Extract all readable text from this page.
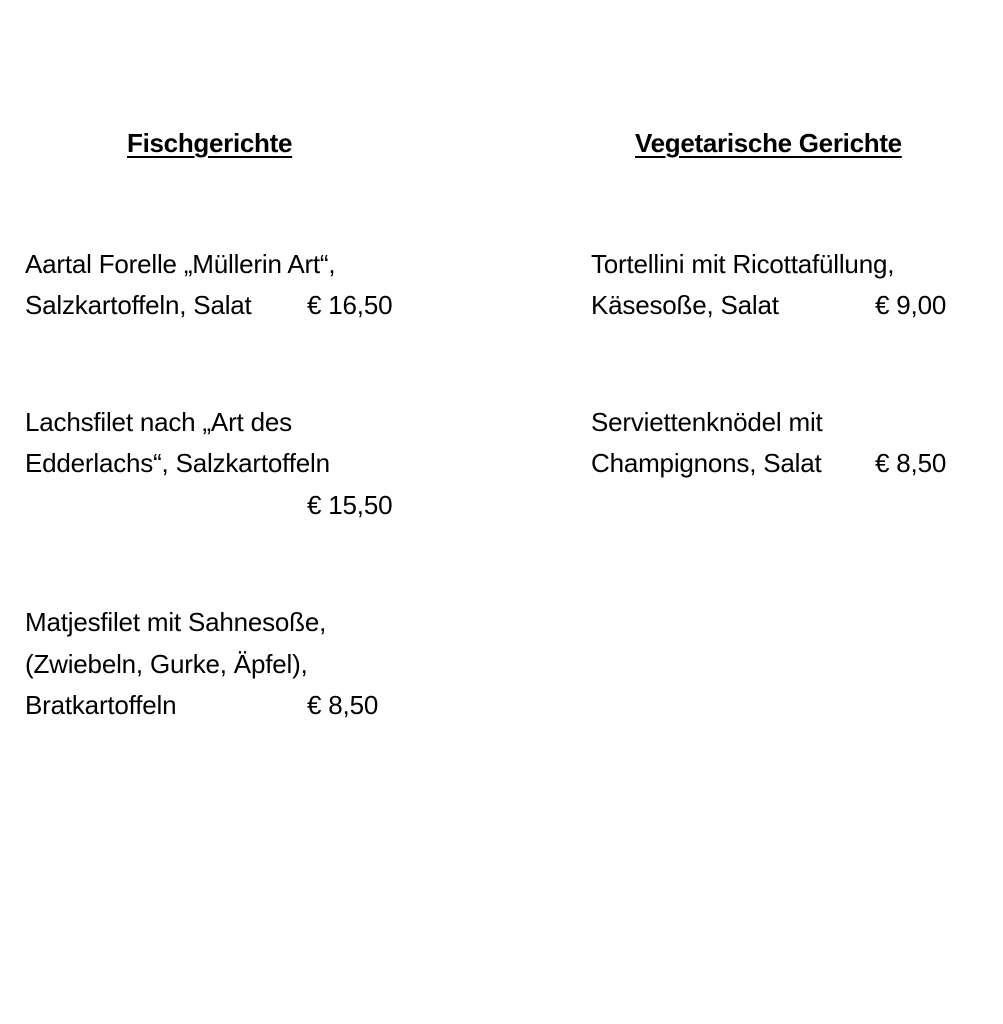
Fischgerichte	Vegetarische Gerichte
Aartal Forelle „Müllerin Art“,
Salzkartoffeln, Salat € 16,50
Lachsfilet nach „Art des
Edderlachs“, Salzkartoffeln
€ 15,50
Matjesfilet mit Sahnesoße,
(Zwiebeln, Gurke, Äpfel),
Bratkartoffeln	€ 8,50
Tortellini mit Ricottafüllung,
Käsesoße, Salat	€ 9,00
Serviettenknödel mit
Champignons, Salat € 8,50
